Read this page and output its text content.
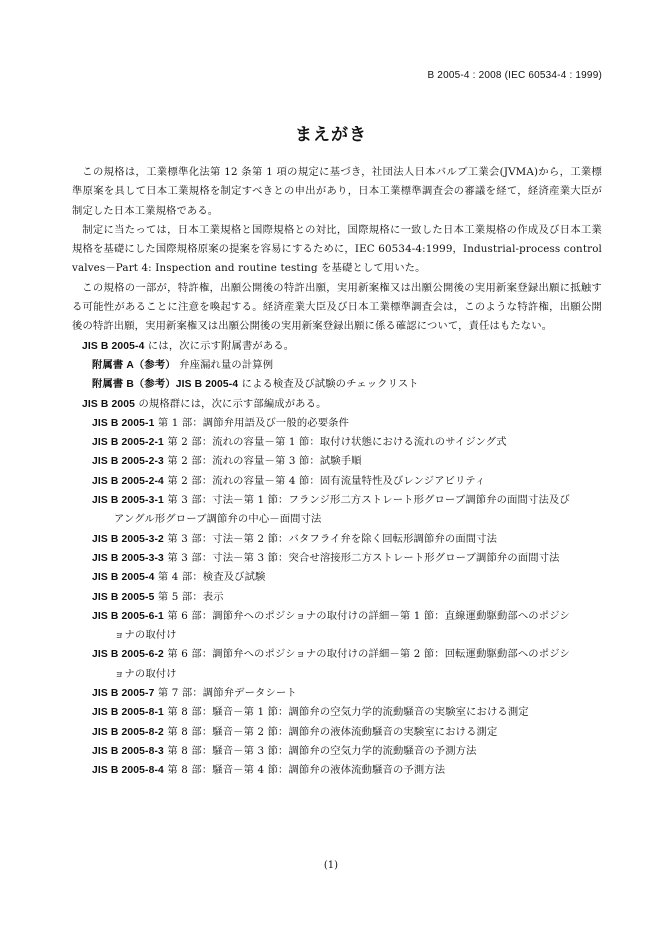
B 2005-4 : 2008 (IEC 60534-4 : 1999)
まえがき

この規格は，工業標準化法第 12 条第 1 項の規定に基づき，社団法人日本バルブ工業会(JVMA)から，工業標準原案を具して日本工業規格を制定すべきとの申出があり，日本工業標準調査会の審議を経て，経済産業大臣が制定した日本工業規格である。

制定に当たっては，日本工業規格と国際規格との対比，国際規格に一致した日本工業規格の作成及び日本工業規格を基礎にした国際規格原案の提案を容易にするために，IEC 60534-4:1999，Industrial-process control valves－Part 4: Inspection and routine testing を基礎として用いた。

この規格の一部が，特許権，出願公開後の特許出願，実用新案権又は出願公開後の実用新案登録出願に抵触する可能性があることに注意を喚起する。経済産業大臣及び日本工業標準調査会は，このような特許権，出願公開後の特許出願，実用新案権又は出願公開後の実用新案登録出願に係る確認について，責任はもたない。

JIS B 2005-4 には，次に示す附属書がある。

附属書 A（参考） 弁座漏れ量の計算例

附属書 B（参考）JIS B 2005-4 による検査及び試験のチェックリスト

JIS B 2005 の規格群には，次に示す部編成がある。

JIS B 2005-1 第 1 部：調節弁用語及び一般的必要条件

JIS B 2005-2-1 第 2 部：流れの容量－第 1 節：取付け状態における流れのサイジング式

JIS B 2005-2-3 第 2 部：流れの容量－第 3 節：試験手順

JIS B 2005-2-4 第 2 部：流れの容量－第 4 節：固有流量特性及びレンジアビリティ

JIS B 2005-3-1 第 3 部：寸法－第 1 節：フランジ形二方ストレート形グローブ調節弁の面間寸法及び
アングル形グローブ調節弁の中心－面間寸法

JIS B 2005-3-2 第 3 部：寸法－第 2 節：バタフライ弁を除く回転形調節弁の面間寸法

JIS B 2005-3-3 第 3 部：寸法－第 3 節：突合せ溶接形二方ストレート形グローブ調節弁の面間寸法

JIS B 2005-4 第 4 部：検査及び試験

JIS B 2005-5 第 5 部：表示

JIS B 2005-6-1 第 6 部：調節弁へのポジショナの取付けの詳細－第 1 節：直線運動駆動部へのポジシ
ョナの取付け

JIS B 2005-6-2 第 6 部：調節弁へのポジショナの取付けの詳細－第 2 節：回転運動駆動部へのポジシ
ョナの取付け

JIS B 2005-7 第 7 部：調節弁データシート

JIS B 2005-8-1 第 8 部：騒音－第 1 節：調節弁の空気力学的流動騒音の実験室における測定

JIS B 2005-8-2 第 8 部：騒音－第 2 節：調節弁の液体流動騒音の実験室における測定

JIS B 2005-8-3 第 8 部：騒音－第 3 節：調節弁の空気力学的流動騒音の予測方法

JIS B 2005-8-4 第 8 部：騒音－第 4 節：調節弁の液体流動騒音の予測方法

(1)
